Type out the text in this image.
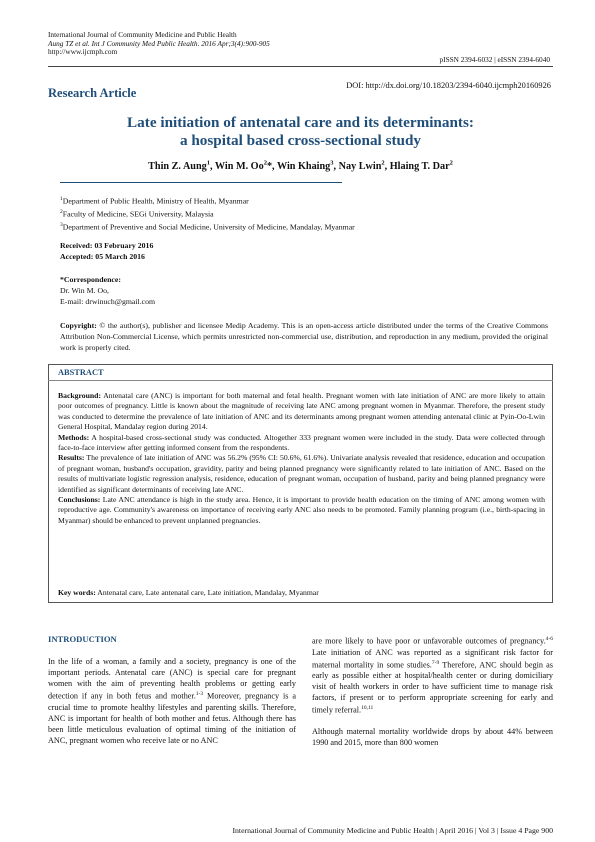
International Journal of Community Medicine and Public Health
Aung TZ et al. Int J Community Med Public Health. 2016 Apr;3(4):900-905
http://www.ijcmph.com
pISSN 2394-6032 | eISSN 2394-6040
DOI: http://dx.doi.org/10.18203/2394-6040.ijcmph20160926
Research Article
Late initiation of antenatal care and its determinants:
a hospital based cross-sectional study
Thin Z. Aung$^1$, Win M. Oo$^2$*, Win Khaing$^3$, Nay Lwin$^2$, Hlaing T. Dar$^2$
$^1$Department of Public Health, Ministry of Health, Myanmar
$^2$Faculty of Medicine, SEGi University, Malaysia
$^3$Department of Preventive and Social Medicine, University of Medicine, Mandalay, Myanmar
Received: 03 February 2016
Accepted: 05 March 2016
*Correspondence:
Dr. Win M. Oo,
E-mail: drwinuch@gmail.com
Copyright: © the author(s), publisher and licensee Medip Academy. This is an open-access article distributed under the terms of the Creative Commons Attribution Non-Commercial License, which permits unrestricted non-commercial use, distribution, and reproduction in any medium, provided the original work is properly cited.
ABSTRACT

Background: Antenatal care (ANC) is important for both maternal and fetal health. Pregnant women with late initiation of ANC are more likely to attain poor outcomes of pregnancy. Little is known about the magnitude of receiving late ANC among pregnant women in Myanmar. Therefore, the present study was conducted to determine the prevalence of late initiation of ANC and its determinants among pregnant women attending antenatal clinic at Pyin-Oo-Lwin General Hospital, Mandalay region during 2014.

Methods: A hospital-based cross-sectional study was conducted. Altogether 333 pregnant women were included in the study. Data were collected through face-to-face interview after getting informed consent from the respondents.

Results: The prevalence of late initiation of ANC was 56.2% (95% CI: 50.6%, 61.6%). Univariate analysis revealed that residence, education and occupation of pregnant woman, husband's occupation, gravidity, parity and being planned pregnancy were significantly related to late initiation of ANC. Based on the results of multivariate logistic regression analysis, residence, education of pregnant woman, occupation of husband, parity and being planned pregnancy were identified as significant determinants of receiving late ANC.

Conclusions: Late ANC attendance is high in the study area. Hence, it is important to provide health education on the timing of ANC among women with reproductive age. Community's awareness on importance of receiving early ANC also needs to be promoted. Family planning program (i.e., birth-spacing in Myanmar) should be enhanced to prevent unplanned pregnancies.

Key words: Antenatal care, Late antenatal care, Late initiation, Mandalay, Myanmar

INTRODUCTION

In the life of a woman, a family and a society, pregnancy is one of the important periods. Antenatal care (ANC) is special care for pregnant women with the aim of preventing health problems or getting early detection if any in both fetus and mother.$^{1-3}$ Moreover, pregnancy is a crucial time to promote healthy lifestyles and parenting skills. Therefore, ANC is important for health of both mother and fetus. Although there has been little meticulous evaluation of optimal timing of the initiation of ANC, pregnant women who receive late or no ANC

are more likely to have poor or unfavorable outcomes of pregnancy.$^{4-6}$ Late initiation of ANC was reported as a significant risk factor for maternal mortality in some studies.$^{7-9}$ Therefore, ANC should begin as early as possible either at hospital/health center or during domiciliary visit of health workers in order to have sufficient time to manage risk factors, if present or to perform appropriate screening for early and timely referral.$^{10,11}$

Although maternal mortality worldwide drops by about 44% between 1990 and 2015, more than 800 women

International Journal of Community Medicine and Public Health | April 2016 | Vol 3 | Issue 4 Page 900
